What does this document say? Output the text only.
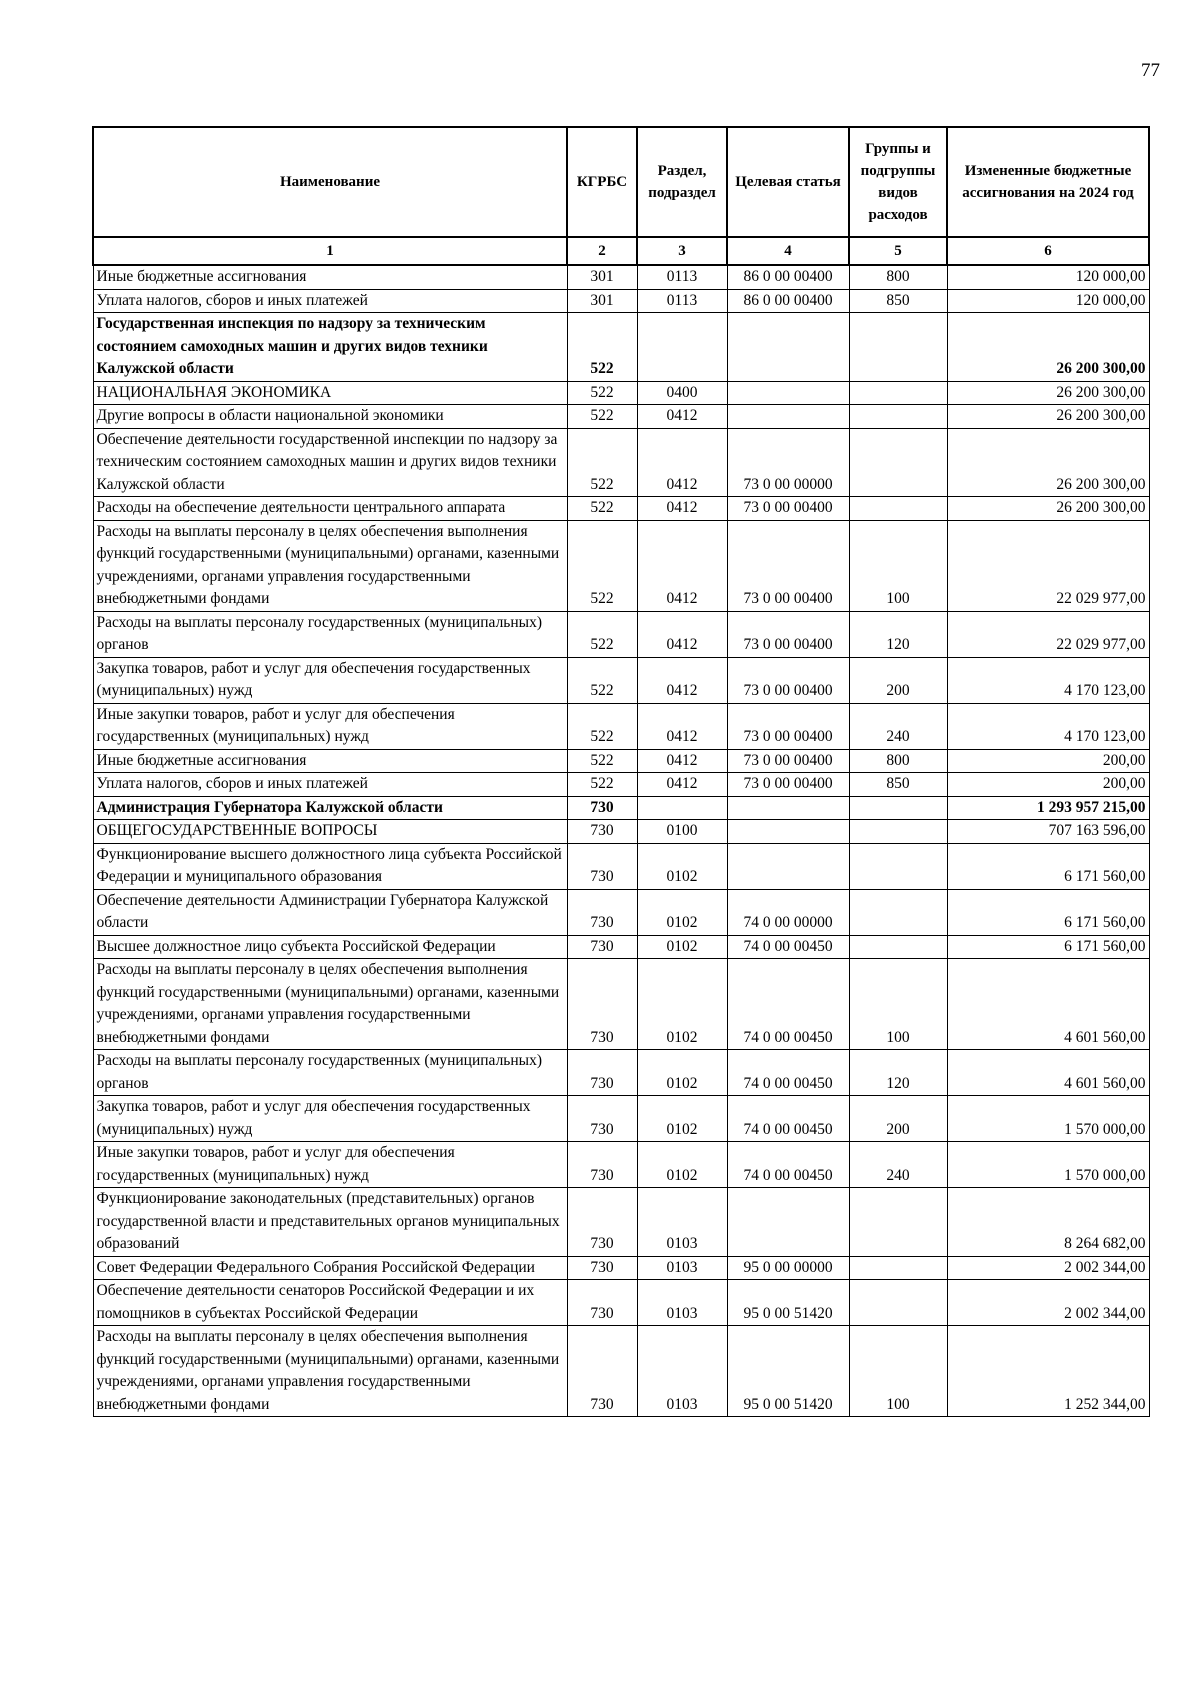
77
Наименование	КГРБС	Раздел, подраздел	Целевая статья	Группы и подгруппы видов расходов	Измененные бюджетные ассигнования на 2024 год
1	2	3	4	5	6
Иные бюджетные ассигнования	301	0113	86 0 00 00400	800	120 000,00
Уплата налогов, сборов и иных платежей	301	0113	86 0 00 00400	850	120 000,00
Государственная инспекция по надзору за техническим состоянием самоходных машин и других видов техники Калужской области	522				26 200 300,00
НАЦИОНАЛЬНАЯ ЭКОНОМИКА	522	0400			26 200 300,00
Другие вопросы в области национальной экономики	522	0412			26 200 300,00
Обеспечение деятельности государственной инспекции по надзору за техническим состоянием самоходных машин и других видов техники Калужской области	522	0412	73 0 00 00000		26 200 300,00
Расходы на обеспечение деятельности центрального аппарата	522	0412	73 0 00 00400		26 200 300,00
Расходы на выплаты персоналу в целях обеспечения выполнения функций государственными (муниципальными) органами, казенными учреждениями, органами управления государственными внебюджетными фондами	522	0412	73 0 00 00400	100	22 029 977,00
Расходы на выплаты персоналу государственных (муниципальных) органов	522	0412	73 0 00 00400	120	22 029 977,00
Закупка товаров, работ и услуг для обеспечения государственных (муниципальных) нужд	522	0412	73 0 00 00400	200	4 170 123,00
Иные закупки товаров, работ и услуг для обеспечения государственных (муниципальных) нужд	522	0412	73 0 00 00400	240	4 170 123,00
Иные бюджетные ассигнования	522	0412	73 0 00 00400	800	200,00
Уплата налогов, сборов и иных платежей	522	0412	73 0 00 00400	850	200,00
Администрация Губернатора Калужской области	730				1 293 957 215,00
ОБЩЕГОСУДАРСТВЕННЫЕ ВОПРОСЫ	730	0100			707 163 596,00
Функционирование высшего должностного лица субъекта Российской Федерации и муниципального образования	730	0102			6 171 560,00
Обеспечение деятельности Администрации Губернатора Калужской области	730	0102	74 0 00 00000		6 171 560,00
Высшее должностное лицо субъекта Российской Федерации	730	0102	74 0 00 00450		6 171 560,00
Расходы на выплаты персоналу в целях обеспечения выполнения функций государственными (муниципальными) органами, казенными учреждениями, органами управления государственными внебюджетными фондами	730	0102	74 0 00 00450	100	4 601 560,00
Расходы на выплаты персоналу государственных (муниципальных) органов	730	0102	74 0 00 00450	120	4 601 560,00
Закупка товаров, работ и услуг для обеспечения государственных (муниципальных) нужд	730	0102	74 0 00 00450	200	1 570 000,00
Иные закупки товаров, работ и услуг для обеспечения государственных (муниципальных) нужд	730	0102	74 0 00 00450	240	1 570 000,00
Функционирование законодательных (представительных) органов государственной власти и представительных органов муниципальных образований	730	0103			8 264 682,00
Совет Федерации Федерального Собрания Российской Федерации	730	0103	95 0 00 00000		2 002 344,00
Обеспечение деятельности сенаторов Российской Федерации и их помощников в субъектах Российской Федерации	730	0103	95 0 00 51420		2 002 344,00
Расходы на выплаты персоналу в целях обеспечения выполнения функций государственными (муниципальными) органами, казенными учреждениями, органами управления государственными внебюджетными фондами	730	0103	95 0 00 51420	100	1 252 344,00
